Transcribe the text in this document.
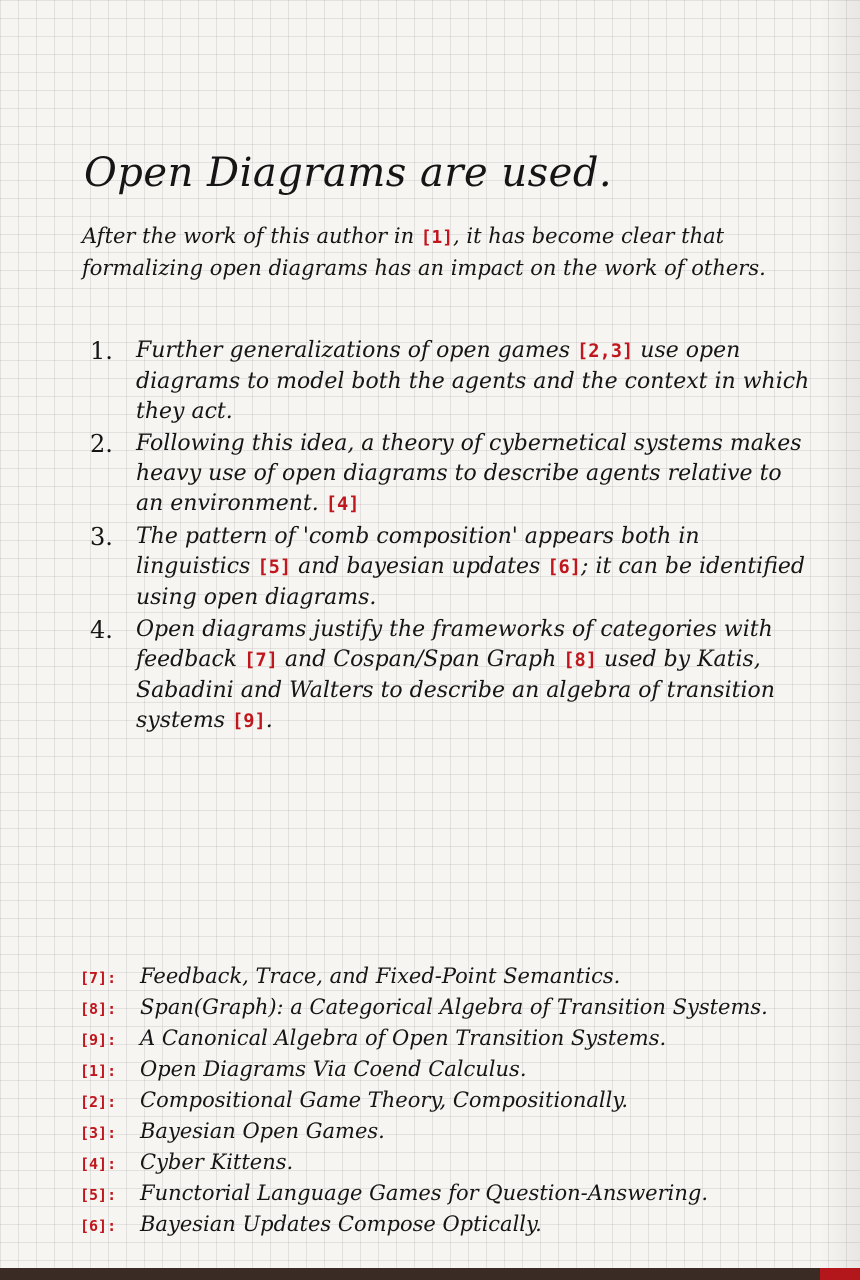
Open Diagrams are used.

After the work of this author in [1], it has become clear that formalizing open diagrams has an impact on the work of others.

1. Further generalizations of open games [2,3] use open diagrams to model both the agents and the context in which they act.
2. Following this idea, a theory of cybernetical systems makes heavy use of open diagrams to describe agents relative to an environment. [4]
3. The pattern of 'comb composition' appears both in linguistics [5] and bayesian updates [6]; it can be identified using open diagrams.
4. Open diagrams justify the frameworks of categories with feedback [7] and Cospan/Span Graph [8] used by Katis, Sabadini and Walters to describe an algebra of transition systems [9].
[7]: Feedback, Trace, and Fixed-Point Semantics.
[8]: Span(Graph): a Categorical Algebra of Transition Systems.
[9]: A Canonical Algebra of Open Transition Systems.
[1]: Open Diagrams Via Coend Calculus.
[2]: Compositional Game Theory, Compositionally.
[3]: Bayesian Open Games.
[4]: Cyber Kittens.
[5]: Functorial Language Games for Question-Answering.
[6]: Bayesian Updates Compose Optically.
